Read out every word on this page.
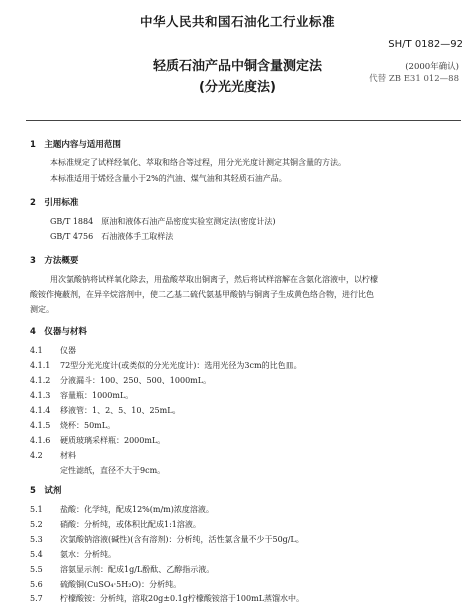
中华人民共和国石油化工行业标准
SH/T 0182—92
轻质石油产品中铜含量测定法	(2000年确认)
代替 ZB E31 012—88
(分光光度法)
1　主题内容与适用范围
本标准规定了试样经氧化、萃取和络合等过程，用分光光度计测定其铜含量的方法。
本标准适用于烯烃含量小于2%的汽油、煤气油和其轻质石油产品。
2　引用标准
GB/T 1884　原油和液体石油产品密度实验室测定法(密度计法)
GB/T 4756　石油液体手工取样法
3　方法概要
用次氯酸钠将试样氧化除去，用盐酸萃取出铜离子，然后将试样溶解在含氨化溶液中，以柠檬
酸铵作掩蔽剂，在异辛烷溶剂中，使二乙基二硫代氨基甲酸钠与铜离子生成黄色络合物，进行比色
测定。
4　仪器与材料
4.1 仪器
4.1.1 72型分光光度计(或类似的分光光度计)：选用光径为3cm的比色皿。
4.1.2 分液漏斗：100、250、500、1000mL。
4.1.3 容量瓶：1000mL。
4.1.4 移液管：1、2、5、10、25mL。
4.1.5 烧杯：50mL。
4.1.6 硬质玻璃采样瓶：2000mL。
4.2 材料
定性滤纸，直径不大于9cm。
5　试剂
5.1 盐酸：化学纯，配成12%(m/m)浓度溶液。
5.2 硝酸：分析纯，或体积比配成1:1溶液。
5.3 次氯酸钠溶液(碱性)(含有溶剂)：分析纯，活性氯含量不少于50g/L。
5.4 氨水：分析纯。
5.5 溶氨显示剂：配成1g/L酚酞、乙醇指示液。
5.6 硫酸铜(CuSO₄·5H₂O)：分析纯。
5.7 柠檬酸铵：分析纯，溶取20g±0.1g柠檬酸铵溶于100mL蒸馏水中。
